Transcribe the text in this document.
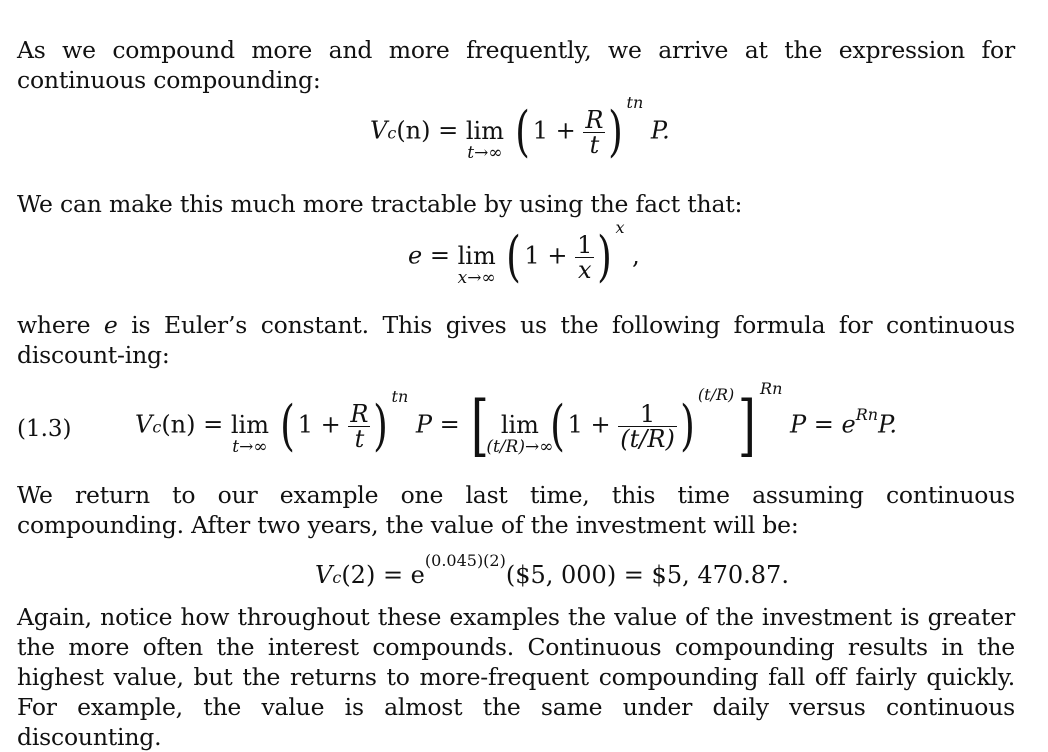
As we compound more and more frequently, we arrive at the expression for continuous compounding:
Vc(n) = lim
t→∞ ( $1 + \frac{R}{t}$ ) $^{tn}$ P.
We can make this much more tractable by using the fact that:
e = lim
x→∞ ( $1 + \frac{1}{x}$ ) $^x$ ,
where e is Euler’s constant. This gives us the following formula for continuous discount-ing:
(1.3)	Vc(n) = lim
t→∞ ( $1 + \frac{R}{t}$ ) $^{tn}$ P = [ lim
(t/R)→∞
( $1 + \frac{1}{(t/R)}$ ) $^{(t/R)}$] $^{Rn}$ $P = e^{Rn}P$.
We return to our example one last time, this time assuming continuous compounding. After two years, the value of the investment will be:
$Vc(2) = e^{(0.045)(2)}(\$5$, 000) = $5, 470.87.
Again, notice how throughout these examples the value of the investment is greater the more often the interest compounds. Continuous compounding results in the highest value, but the returns to more-frequent compounding fall off fairly quickly. For example, the value is almost the same under daily versus continuous discounting.
